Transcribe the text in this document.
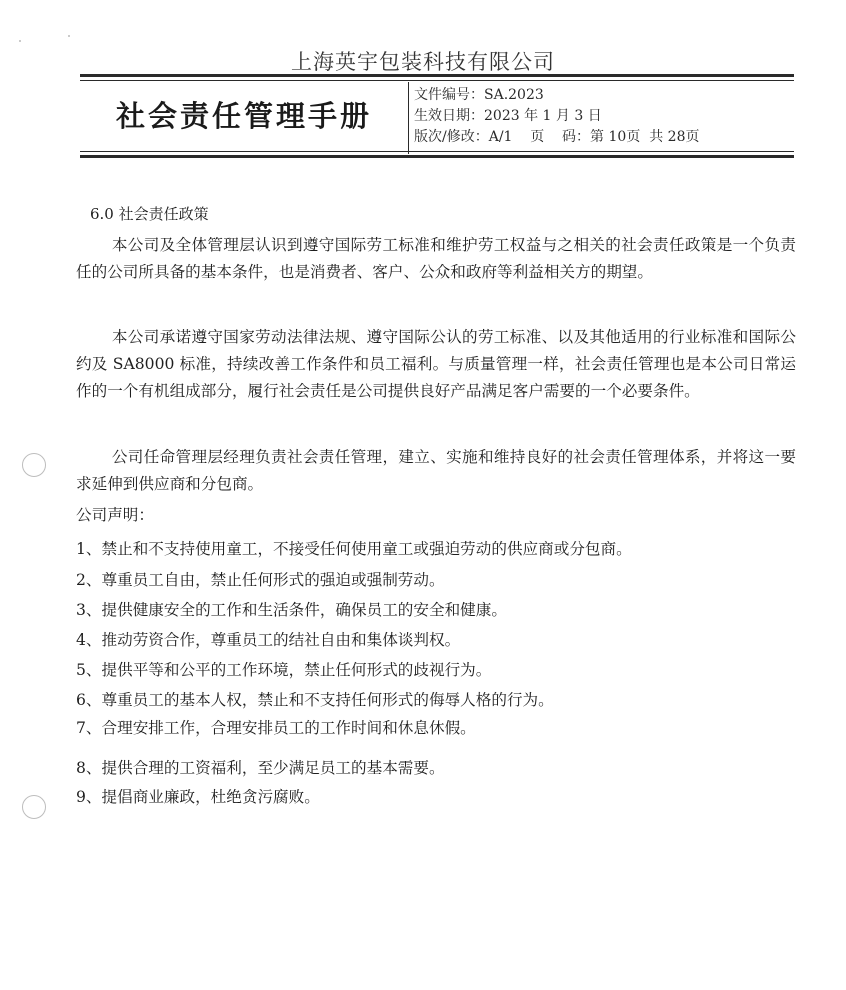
上海英宇包装科技有限公司
社会责任管理手册
文件编号：SA.2023
生效日期：2023 年 1 月 3 日
版次/修改：A/1    页    码：第 10页  共 28页
6.0 社会责任政策
本公司及全体管理层认识到遵守国际劳工标准和维护劳工权益与之相关的社会责任政策是一个负责任的公司所具备的基本条件，也是消费者、客户、公众和政府等利益相关方的期望。
本公司承诺遵守国家劳动法律法规、遵守国际公认的劳工标准、以及其他适用的行业标准和国际公约及 SA8000 标准，持续改善工作条件和员工福利。与质量管理一样，社会责任管理也是本公司日常运作的一个有机组成部分，履行社会责任是公司提供良好产品满足客户需要的一个必要条件。
公司任命管理层经理负责社会责任管理，建立、实施和维持良好的社会责任管理体系，并将这一要求延伸到供应商和分包商。
公司声明：
1、禁止和不支持使用童工，不接受任何使用童工或强迫劳动的供应商或分包商。
2、尊重员工自由，禁止任何形式的强迫或强制劳动。
3、提供健康安全的工作和生活条件，确保员工的安全和健康。
4、推动劳资合作，尊重员工的结社自由和集体谈判权。
5、提供平等和公平的工作环境，禁止任何形式的歧视行为。
6、尊重员工的基本人权，禁止和不支持任何形式的侮辱人格的行为。
7、合理安排工作，合理安排员工的工作时间和休息休假。
8、提供合理的工资福利，至少满足员工的基本需要。
9、提倡商业廉政，杜绝贪污腐败。
